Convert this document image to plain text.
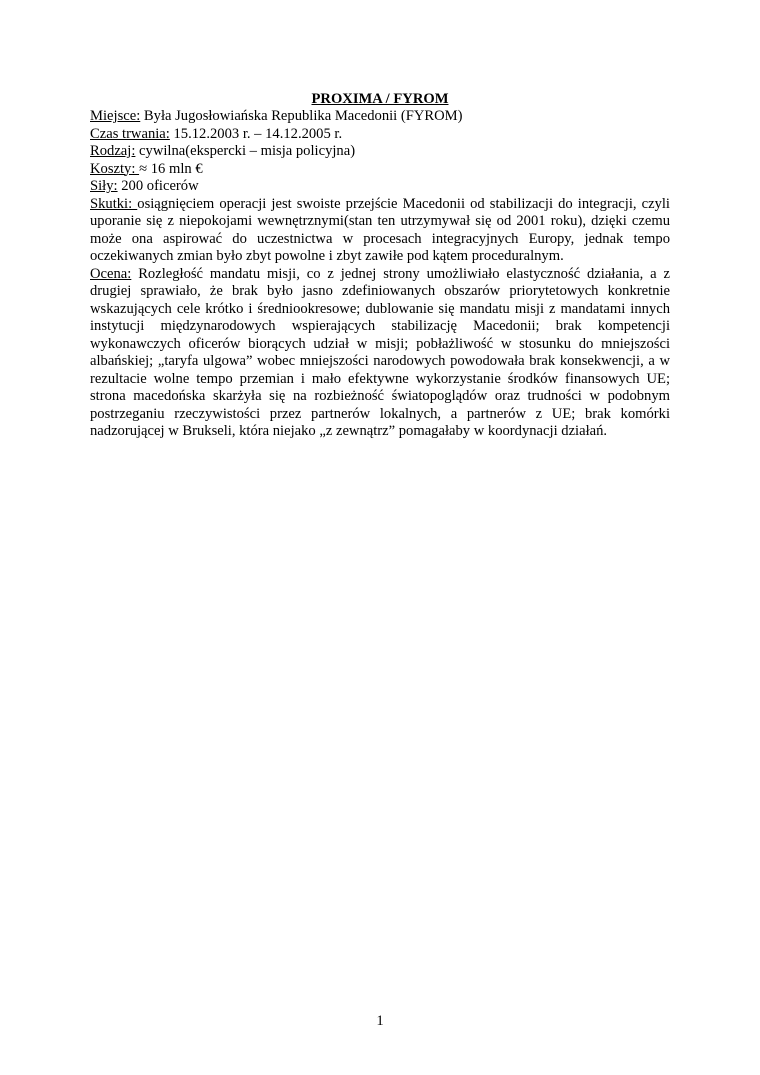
PROXIMA / FYROM

Miejsce: Była Jugosłowiańska Republika Macedonii (FYROM)

Czas trwania: 15.12.2003 r. – 14.12.2005 r.

Rodzaj: cywilna(ekspercki – misja policyjna)

Koszty: ≈ 16 mln €

Siły: 200 oficerów

Skutki: osiągnięciem operacji jest swoiste przejście Macedonii od stabilizacji do integracji, czyli uporanie się z niepokojami wewnętrznymi(stan ten utrzymywał się od 2001 roku), dzięki czemu może ona aspirować do uczestnictwa w procesach integracyjnych Europy, jednak tempo oczekiwanych zmian było zbyt powolne i zbyt zawiłe pod kątem proceduralnym.

Ocena: Rozległość mandatu misji, co z jednej strony umożliwiało elastyczność działania, a z drugiej sprawiało, że brak było jasno zdefiniowanych obszarów priorytetowych konkretnie wskazujących cele krótko i średniookresowe; dublowanie się mandatu misji z mandatami innych instytucji międzynarodowych wspierających stabilizację Macedonii; brak kompetencji wykonawczych oficerów biorących udział w misji; pobłażliwość w stosunku do mniejszości albańskiej; „taryfa ulgowa” wobec mniejszości narodowych powodowała brak konsekwencji, a w rezultacie wolne tempo przemian i mało efektywne wykorzystanie środków finansowych UE; strona macedońska skarżyła się na rozbieżność światopoglądów oraz trudności w podobnym postrzeganiu rzeczywistości przez partnerów lokalnych, a partnerów z UE; brak komórki nadzorującej w Brukseli, która niejako „z zewnątrz” pomagałaby w koordynacji działań.

1
